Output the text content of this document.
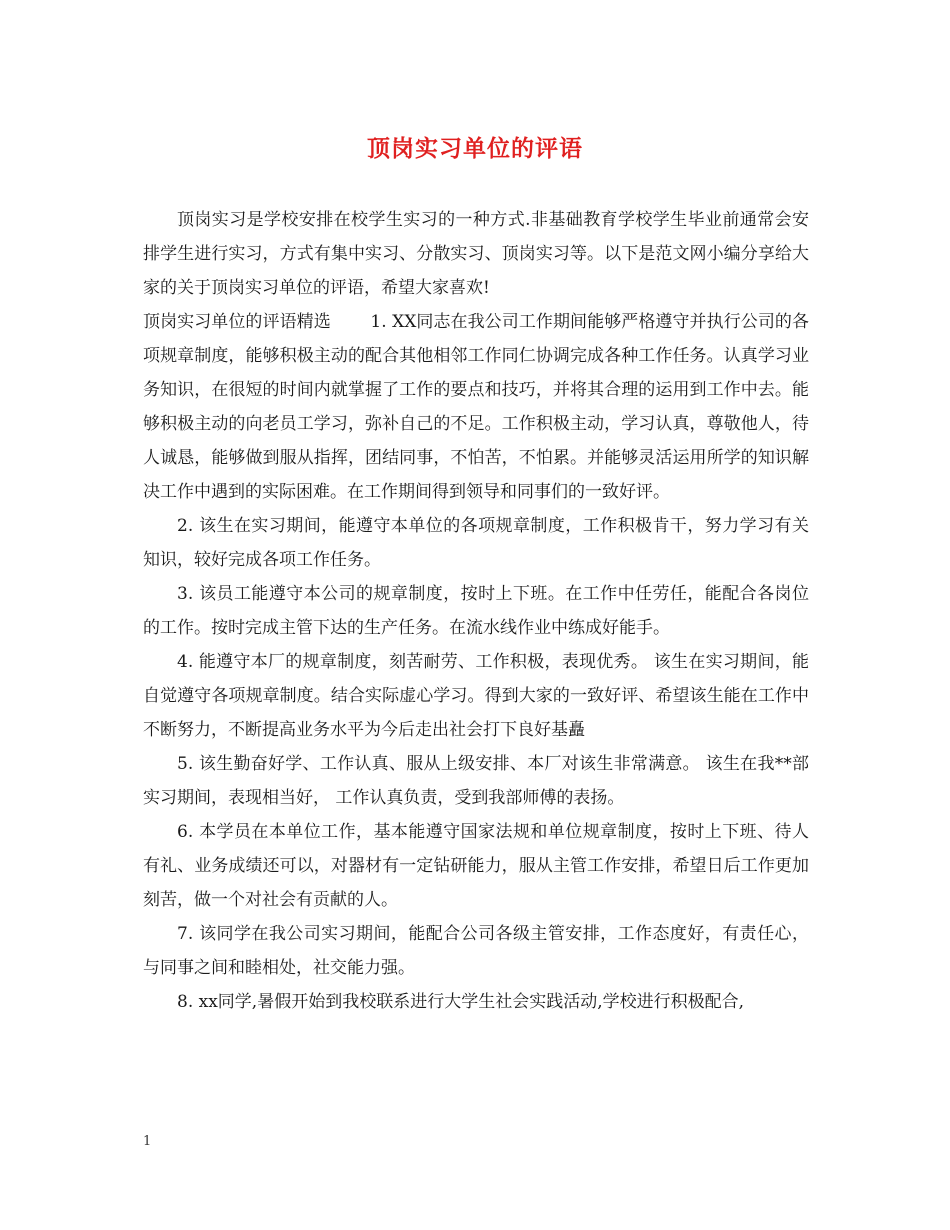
顶岗实习单位的评语

顶岗实习是学校安排在校学生实习的一种方式.非基础教育学校学生毕业前通常会安排学生进行实习，方式有集中实习、分散实习、顶岗实习等。以下是范文网小编分享给大家的关于顶岗实习单位的评语，希望大家喜欢!

顶岗实习单位的评语精选　　 1. XX同志在我公司工作期间能够严格遵守并执行公司的各项规章制度，能够积极主动的配合其他相邻工作同仁协调完成各种工作任务。认真学习业务知识，在很短的时间内就掌握了工作的要点和技巧，并将其合理的运用到工作中去。能够积极主动的向老员工学习，弥补自己的不足。工作积极主动，学习认真，尊敬他人，待人诚恳，能够做到服从指挥，团结同事，不怕苦，不怕累。并能够灵活运用所学的知识解决工作中遇到的实际困难。在工作期间得到领导和同事们的一致好评。

2. 该生在实习期间，能遵守本单位的各项规章制度，工作积极肯干，努力学习有关知识，较好完成各项工作任务。

3. 该员工能遵守本公司的规章制度，按时上下班。在工作中任劳任，能配合各岗位的工作。按时完成主管下达的生产任务。在流水线作业中练成好能手。

4. 能遵守本厂的规章制度，刻苦耐劳、工作积极，表现优秀。 该生在实习期间，能自觉遵守各项规章制度。结合实际虚心学习。得到大家的一致好评、希望该生能在工作中不断努力，不断提高业务水平为今后走出社会打下良好基矗

5. 该生勤奋好学、工作认真、服从上级安排、本厂对该生非常满意。 该生在我**部实习期间，表现相当好， 工作认真负责，受到我部师傅的表扬。

6. 本学员在本单位工作，基本能遵守国家法规和单位规章制度，按时上下班、待人有礼、业务成绩还可以，对器材有一定钻研能力，服从主管工作安排，希望日后工作更加刻苦，做一个对社会有贡献的人。

7. 该同学在我公司实习期间，能配合公司各级主管安排，工作态度好，有责任心，与同事之间和睦相处，社交能力强。

8. xx同学,暑假开始到我校联系进行大学生社会实践活动,学校进行积极配合,

1
